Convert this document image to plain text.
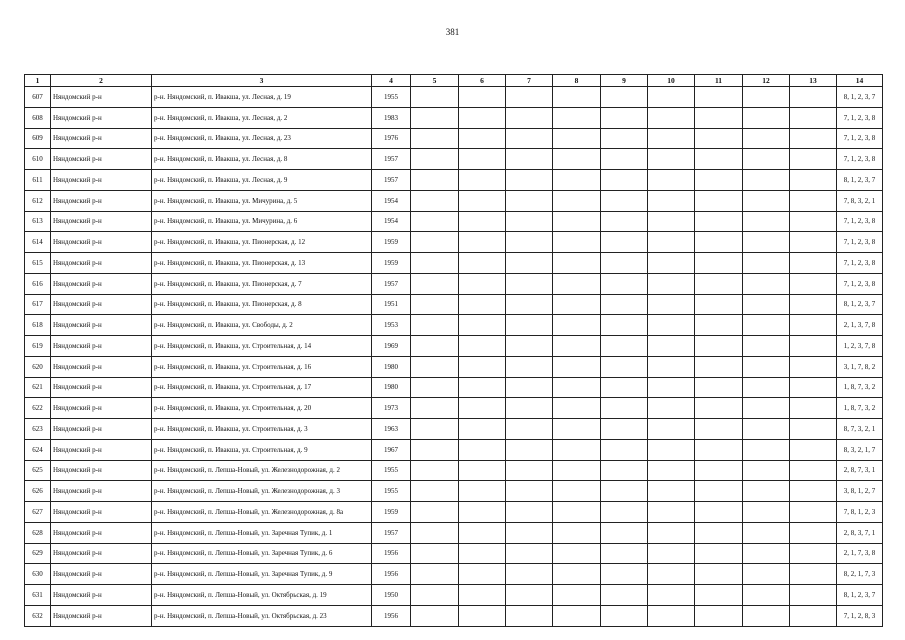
381
1	2	3	4	5	6	7	8	9	10	11	12	13	14
607	Няндомский р-н	р-н. Няндомский, п. Ивакша, ул. Лесная, д. 19	1955										8, 1, 2, 3, 7
608	Няндомский р-н	р-н. Няндомский, п. Ивакша, ул. Лесная, д. 2	1983										7, 1, 2, 3, 8
609	Няндомский р-н	р-н. Няндомский, п. Ивакша, ул. Лесная, д. 23	1976										7, 1, 2, 3, 8
610	Няндомский р-н	р-н. Няндомский, п. Ивакша, ул. Лесная, д. 8	1957										7, 1, 2, 3, 8
611	Няндомский р-н	р-н. Няндомский, п. Ивакша, ул. Лесная, д. 9	1957										8, 1, 2, 3, 7
612	Няндомский р-н	р-н. Няндомский, п. Ивакша, ул. Мичурина, д. 5	1954										7, 8, 3, 2, 1
613	Няндомский р-н	р-н. Няндомский, п. Ивакша, ул. Мичурина, д. 6	1954										7, 1, 2, 3, 8
614	Няндомский р-н	р-н. Няндомский, п. Ивакша, ул. Пионерская, д. 12	1959										7, 1, 2, 3, 8
615	Няндомский р-н	р-н. Няндомский, п. Ивакша, ул. Пионерская, д. 13	1959										7, 1, 2, 3, 8
616	Няндомский р-н	р-н. Няндомский, п. Ивакша, ул. Пионерская, д. 7	1957										7, 1, 2, 3, 8
617	Няндомский р-н	р-н. Няндомский, п. Ивакша, ул. Пионерская, д. 8	1951										8, 1, 2, 3, 7
618	Няндомский р-н	р-н. Няндомский, п. Ивакша, ул. Свободы, д. 2	1953										2, 1, 3, 7, 8
619	Няндомский р-н	р-н. Няндомский, п. Ивакша, ул. Строительная, д. 14	1969										1, 2, 3, 7, 8
620	Няндомский р-н	р-н. Няндомский, п. Ивакша, ул. Строительная, д. 16	1980										3, 1, 7, 8, 2
621	Няндомский р-н	р-н. Няндомский, п. Ивакша, ул. Строительная, д. 17	1980										1, 8, 7, 3, 2
622	Няндомский р-н	р-н. Няндомский, п. Ивакша, ул. Строительная, д. 20	1973										1, 8, 7, 3, 2
623	Няндомский р-н	р-н. Няндомский, п. Ивакша, ул. Строительная, д. 3	1963										8, 7, 3, 2, 1
624	Няндомский р-н	р-н. Няндомский, п. Ивакша, ул. Строительная, д. 9	1967										8, 3, 2, 1, 7
625	Няндомский р-н	р-н. Няндомский, п. Лепша-Новый, ул. Железнодорожная, д. 2	1955										2, 8, 7, 3, 1
626	Няндомский р-н	р-н. Няндомский, п. Лепша-Новый, ул. Железнодорожная, д. 3	1955										3, 8, 1, 2, 7
627	Няндомский р-н	р-н. Няндомский, п. Лепша-Новый, ул. Железнодорожная, д. 8а	1959										7, 8, 1, 2, 3
628	Няндомский р-н	р-н. Няндомский, п. Лепша-Новый, ул. Заречная Тупик, д. 1	1957										2, 8, 3, 7, 1
629	Няндомский р-н	р-н. Няндомский, п. Лепша-Новый, ул. Заречная Тупик, д. 6	1956										2, 1, 7, 3, 8
630	Няндомский р-н	р-н. Няндомский, п. Лепша-Новый, ул. Заречная Тупик, д. 9	1956										8, 2, 1, 7, 3
631	Няндомский р-н	р-н. Няндомский, п. Лепша-Новый, ул. Октябрьская, д. 19	1950										8, 1, 2, 3, 7
632	Няндомский р-н	р-н. Няндомский, п. Лепша-Новый, ул. Октябрьская, д. 23	1956										7, 1, 2, 8, 3
